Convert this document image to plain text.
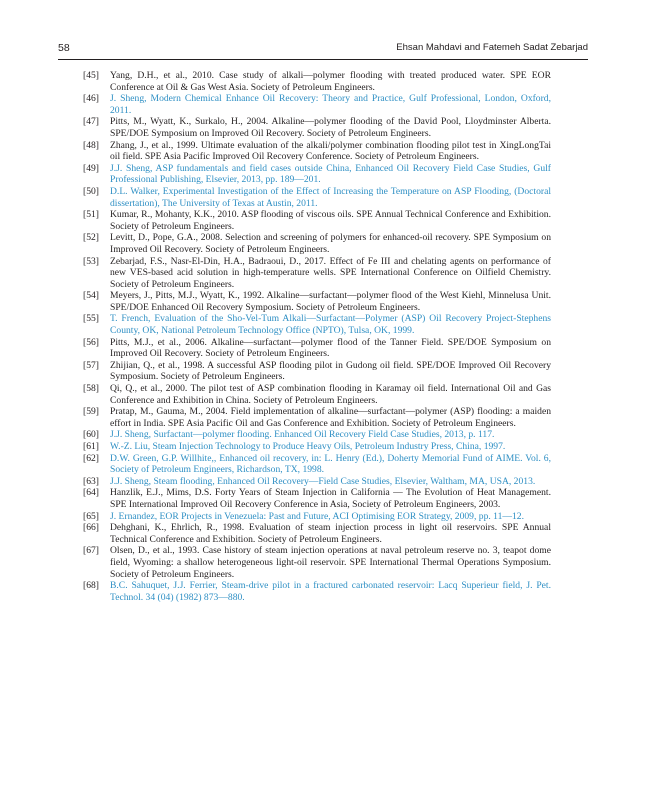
58	Ehsan Mahdavi and Fatemeh Sadat Zebarjad
[45] Yang, D.H., et al., 2010. Case study of alkali—polymer flooding with treated produced water. SPE EOR Conference at Oil & Gas West Asia. Society of Petroleum Engineers.
[46] J. Sheng, Modern Chemical Enhance Oil Recovery: Theory and Practice, Gulf Professional, London, Oxford, 2011.
[47] Pitts, M., Wyatt, K., Surkalo, H., 2004. Alkaline—polymer flooding of the David Pool, Lloydminster Alberta. SPE/DOE Symposium on Improved Oil Recovery. Society of Petroleum Engineers.
[48] Zhang, J., et al., 1999. Ultimate evaluation of the alkali/polymer combination flooding pilot test in XingLongTai oil field. SPE Asia Pacific Improved Oil Recovery Conference. Society of Petroleum Engineers.
[49] J.J. Sheng, ASP fundamentals and field cases outside China, Enhanced Oil Recovery Field Case Studies, Gulf Professional Publishing, Elsevier, 2013, pp. 189—201.
[50] D.L. Walker, Experimental Investigation of the Effect of Increasing the Temperature on ASP Flooding, (Doctoral dissertation), The University of Texas at Austin, 2011.
[51] Kumar, R., Mohanty, K.K., 2010. ASP flooding of viscous oils. SPE Annual Technical Conference and Exhibition. Society of Petroleum Engineers.
[52] Levitt, D., Pope, G.A., 2008. Selection and screening of polymers for enhanced-oil recovery. SPE Symposium on Improved Oil Recovery. Society of Petroleum Engineers.
[53] Zebarjad, F.S., Nasr-El-Din, H.A., Badraoui, D., 2017. Effect of Fe III and chelating agents on performance of new VES-based acid solution in high-temperature wells. SPE International Conference on Oilfield Chemistry. Society of Petroleum Engineers.
[54] Meyers, J., Pitts, M.J., Wyatt, K., 1992. Alkaline—surfactant—polymer flood of the West Kiehl, Minnelusa Unit. SPE/DOE Enhanced Oil Recovery Symposium. Society of Petroleum Engineers.
[55] T. French, Evaluation of the Sho-Vel-Tum Alkali—Surfactant—Polymer (ASP) Oil Recovery Project-Stephens County, OK, National Petroleum Technology Office (NPTO), Tulsa, OK, 1999.
[56] Pitts, M.J., et al., 2006. Alkaline—surfactant—polymer flood of the Tanner Field. SPE/DOE Symposium on Improved Oil Recovery. Society of Petroleum Engineers.
[57] Zhijian, Q., et al., 1998. A successful ASP flooding pilot in Gudong oil field. SPE/DOE Improved Oil Recovery Symposium. Society of Petroleum Engineers.
[58] Qi, Q., et al., 2000. The pilot test of ASP combination flooding in Karamay oil field. International Oil and Gas Conference and Exhibition in China. Society of Petroleum Engineers.
[59] Pratap, M., Gauma, M., 2004. Field implementation of alkaline—surfactant—polymer (ASP) flooding: a maiden effort in India. SPE Asia Pacific Oil and Gas Conference and Exhibition. Society of Petroleum Engineers.
[60] J.J. Sheng, Surfactant—polymer flooding. Enhanced Oil Recovery Field Case Studies, 2013, p. 117.
[61] W.-Z. Liu, Steam Injection Technology to Produce Heavy Oils, Petroleum Industry Press, China, 1997.
[62] D.W. Green, G.P. Willhite,, Enhanced oil recovery, in: L. Henry (Ed.), Doherty Memorial Fund of AIME. Vol. 6, Society of Petroleum Engineers, Richardson, TX, 1998.
[63] J.J. Sheng, Steam flooding, Enhanced Oil Recovery—Field Case Studies, Elsevier, Waltham, MA, USA, 2013.
[64] Hanzlik, E.J., Mims, D.S. Forty Years of Steam Injection in California — The Evolution of Heat Management. SPE International Improved Oil Recovery Conference in Asia, Society of Petroleum Engineers, 2003.
[65] J. Ernandez, EOR Projects in Venezuela: Past and Future, ACI Optimising EOR Strategy, 2009, pp. 11—12.
[66] Dehghani, K., Ehrlich, R., 1998. Evaluation of steam injection process in light oil reservoirs. SPE Annual Technical Conference and Exhibition. Society of Petroleum Engineers.
[67] Olsen, D., et al., 1993. Case history of steam injection operations at naval petroleum reserve no. 3, teapot dome field, Wyoming: a shallow heterogeneous light-oil reservoir. SPE International Thermal Operations Symposium. Society of Petroleum Engineers.
[68] B.C. Sahuquet, J.J. Ferrier, Steam-drive pilot in a fractured carbonated reservoir: Lacq Superieur field, J. Pet. Technol. 34 (04) (1982) 873—880.
